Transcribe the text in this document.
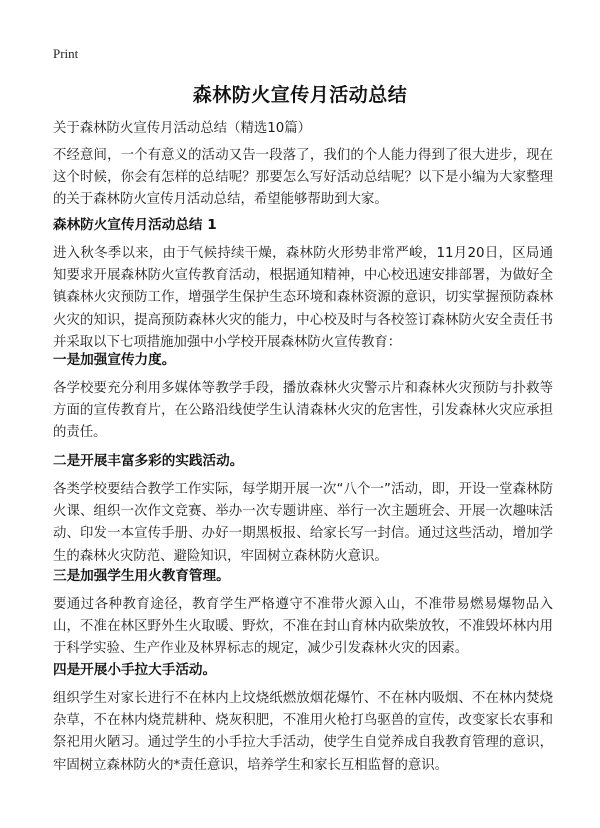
Print
森林防火宣传月活动总结
关于森林防火宣传月活动总结（精选10篇）
不经意间，一个有意义的活动又告一段落了，我们的个人能力得到了很大进步，现在这个时候，你会有怎样的总结呢？那要怎么写好活动总结呢？以下是小编为大家整理的关于森林防火宣传月活动总结，希望能够帮助到大家。
森林防火宣传月活动总结 1
进入秋冬季以来，由于气候持续干燥，森林防火形势非常严峻，11月20日，区局通知要求开展森林防火宣传教育活动，根据通知精神，中心校迅速安排部署，为做好全镇森林火灾预防工作，增强学生保护生态环境和森林资源的意识，切实掌握预防森林火灾的知识，提高预防森林火灾的能力，中心校及时与各校签订森林防火安全责任书并采取以下七项措施加强中小学校开展森林防火宣传教育：
一是加强宣传力度。
各学校要充分利用多媒体等教学手段，播放森林火灾警示片和森林火灾预防与扑救等方面的宣传教育片，在公路沿线使学生认清森林火灾的危害性，引发森林火灾应承担的责任。
二是开展丰富多彩的实践活动。
各类学校要结合教学工作实际，每学期开展一次“八个一”活动，即，开设一堂森林防火课、组织一次作文竞赛、举办一次专题讲座、举行一次主题班会、开展一次趣味活动、印发一本宣传手册、办好一期黑板报、给家长写一封信。通过这些活动，增加学生的森林火灾防范、避险知识，牢固树立森林防火意识。
三是加强学生用火教育管理。
要通过各种教育途径，教育学生严格遵守不准带火源入山，不准带易燃易爆物品入山，不准在林区野外生火取暖、野炊，不准在封山育林内砍柴放牧，不准毁坏林内用于科学实验、生产作业及林界标志的规定，减少引发森林火灾的因素。
四是开展小手拉大手活动。
组织学生对家长进行不在林内上坟烧纸燃放烟花爆竹、不在林内吸烟、不在林内焚烧杂草，不在林内烧荒耕种、烧灰积肥，不准用火枪打鸟驱兽的宣传，改变家长农事和祭祀用火陋习。通过学生的小手拉大手活动，使学生自觉养成自我教育管理的意识，牢固树立森林防火的*责任意识，培养学生和家长互相监督的意识。
